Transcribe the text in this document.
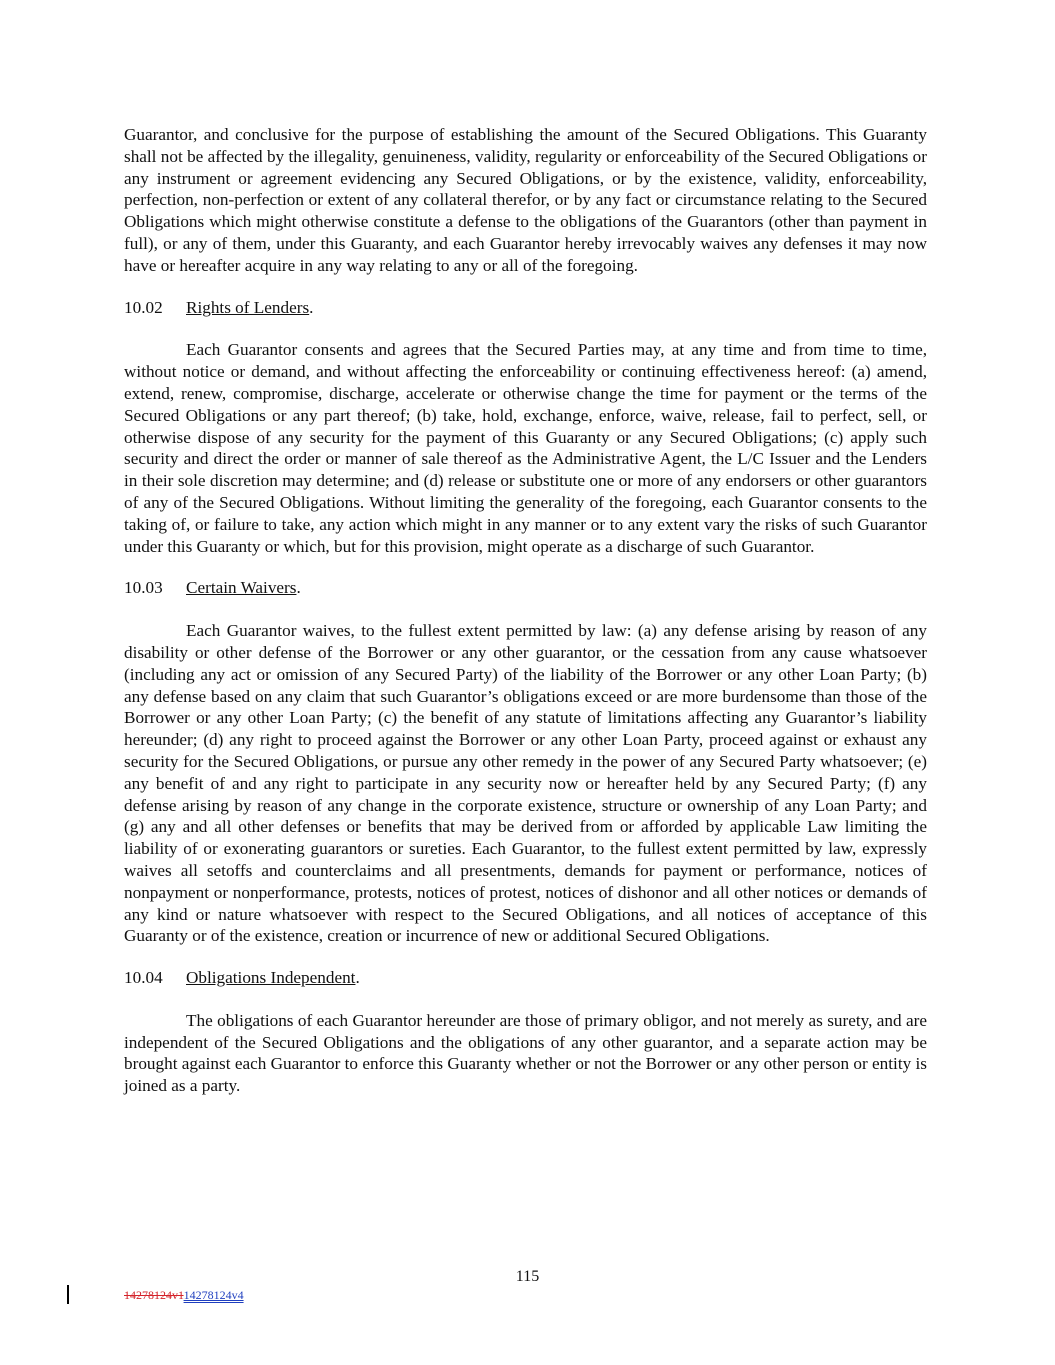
Guarantor, and conclusive for the purpose of establishing the amount of the Secured Obligations. This Guaranty shall not be affected by the illegality, genuineness, validity, regularity or enforceability of the Secured Obligations or any instrument or agreement evidencing any Secured Obligations, or by the existence, validity, enforceability, perfection, non-perfection or extent of any collateral therefor, or by any fact or circumstance relating to the Secured Obligations which might otherwise constitute a defense to the obligations of the Guarantors (other than payment in full), or any of them, under this Guaranty, and each Guarantor hereby irrevocably waives any defenses it may now have or hereafter acquire in any way relating to any or all of the foregoing.

10.02 Rights of Lenders.

Each Guarantor consents and agrees that the Secured Parties may, at any time and from time to time, without notice or demand, and without affecting the enforceability or continuing effectiveness hereof: (a) amend, extend, renew, compromise, discharge, accelerate or otherwise change the time for payment or the terms of the Secured Obligations or any part thereof; (b) take, hold, exchange, enforce, waive, release, fail to perfect, sell, or otherwise dispose of any security for the payment of this Guaranty or any Secured Obligations; (c) apply such security and direct the order or manner of sale thereof as the Administrative Agent, the L/C Issuer and the Lenders in their sole discretion may determine; and (d) release or substitute one or more of any endorsers or other guarantors of any of the Secured Obligations. Without limiting the generality of the foregoing, each Guarantor consents to the taking of, or failure to take, any action which might in any manner or to any extent vary the risks of such Guarantor under this Guaranty or which, but for this provision, might operate as a discharge of such Guarantor.

10.03 Certain Waivers.

Each Guarantor waives, to the fullest extent permitted by law: (a) any defense arising by reason of any disability or other defense of the Borrower or any other guarantor, or the cessation from any cause whatsoever (including any act or omission of any Secured Party) of the liability of the Borrower or any other Loan Party; (b) any defense based on any claim that such Guarantor’s obligations exceed or are more burdensome than those of the Borrower or any other Loan Party; (c) the benefit of any statute of limitations affecting any Guarantor’s liability hereunder; (d) any right to proceed against the Borrower or any other Loan Party, proceed against or exhaust any security for the Secured Obligations, or pursue any other remedy in the power of any Secured Party whatsoever; (e) any benefit of and any right to participate in any security now or hereafter held by any Secured Party; (f) any defense arising by reason of any change in the corporate existence, structure or ownership of any Loan Party; and (g) any and all other defenses or benefits that may be derived from or afforded by applicable Law limiting the liability of or exonerating guarantors or sureties. Each Guarantor, to the fullest extent permitted by law, expressly waives all setoffs and counterclaims and all presentments, demands for payment or performance, notices of nonpayment or nonperformance, protests, notices of protest, notices of dishonor and all other notices or demands of any kind or nature whatsoever with respect to the Secured Obligations, and all notices of acceptance of this Guaranty or of the existence, creation or incurrence of new or additional Secured Obligations.

10.04 Obligations Independent.

The obligations of each Guarantor hereunder are those of primary obligor, and not merely as surety, and are independent of the Secured Obligations and the obligations of any other guarantor, and a separate action may be brought against each Guarantor to enforce this Guaranty whether or not the Borrower or any other person or entity is joined as a party.

115
14278124v114278124v4
